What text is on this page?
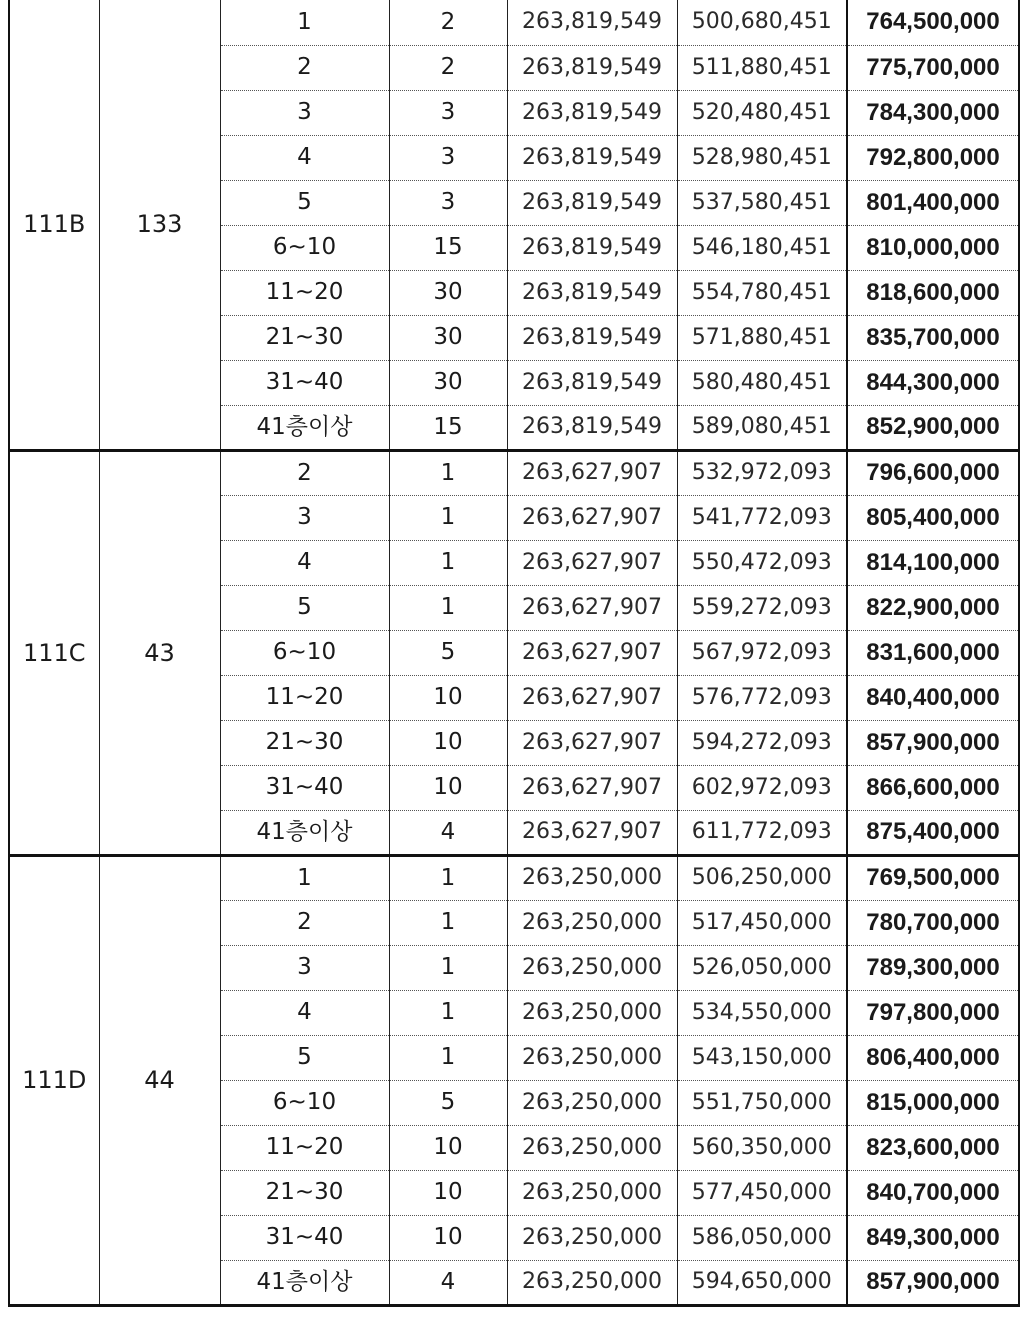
111B	133	1	2	263,819,549	500,680,451	764,500,000
		2	2	263,819,549	511,880,451	775,700,000
		3	3	263,819,549	520,480,451	784,300,000
		4	3	263,819,549	528,980,451	792,800,000
		5	3	263,819,549	537,580,451	801,400,000
		6~10	15	263,819,549	546,180,451	810,000,000
		11~20	30	263,819,549	554,780,451	818,600,000
		21~30	30	263,819,549	571,880,451	835,700,000
		31~40	30	263,819,549	580,480,451	844,300,000
		41층이상	15	263,819,549	589,080,451	852,900,000
111C	43	2	1	263,627,907	532,972,093	796,600,000
		3	1	263,627,907	541,772,093	805,400,000
		4	1	263,627,907	550,472,093	814,100,000
		5	1	263,627,907	559,272,093	822,900,000
		6~10	5	263,627,907	567,972,093	831,600,000
		11~20	10	263,627,907	576,772,093	840,400,000
		21~30	10	263,627,907	594,272,093	857,900,000
		31~40	10	263,627,907	602,972,093	866,600,000
		41층이상	4	263,627,907	611,772,093	875,400,000
111D	44	1	1	263,250,000	506,250,000	769,500,000
		2	1	263,250,000	517,450,000	780,700,000
		3	1	263,250,000	526,050,000	789,300,000
		4	1	263,250,000	534,550,000	797,800,000
		5	1	263,250,000	543,150,000	806,400,000
		6~10	5	263,250,000	551,750,000	815,000,000
		11~20	10	263,250,000	560,350,000	823,600,000
		21~30	10	263,250,000	577,450,000	840,700,000
		31~40	10	263,250,000	586,050,000	849,300,000
		41층이상	4	263,250,000	594,650,000	857,900,000
